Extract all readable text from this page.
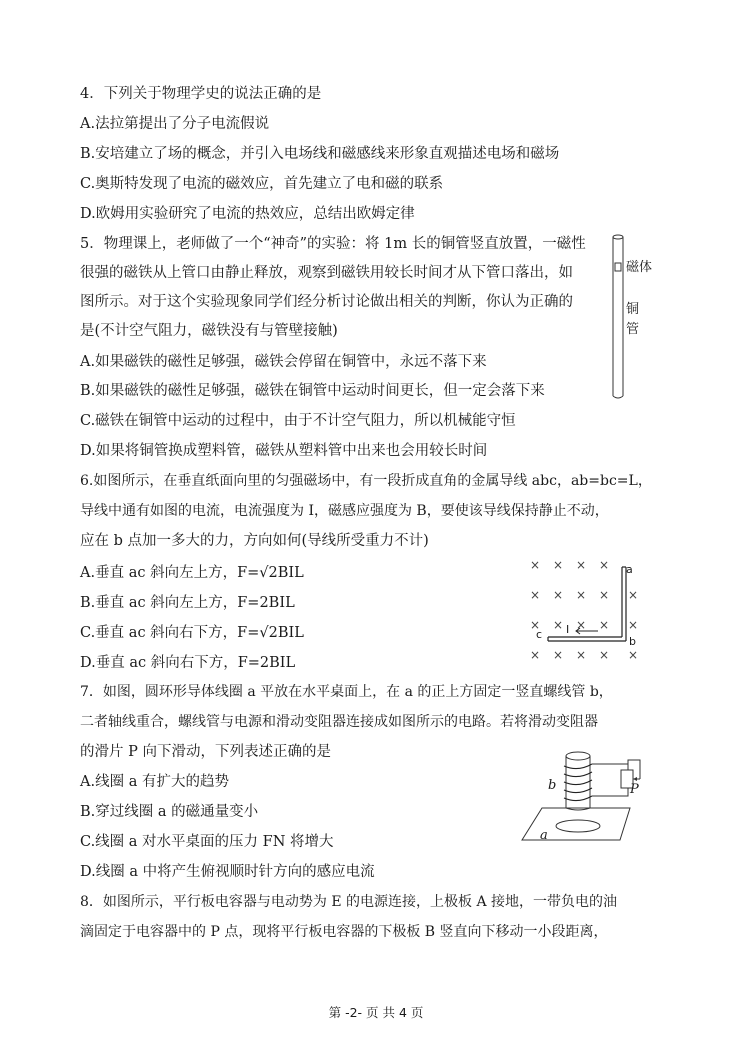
4．下列关于物理学史的说法正确的是
A.法拉第提出了分子电流假说
B.安培建立了场的概念，并引入电场线和磁感线来形象直观描述电场和磁场
C.奥斯特发现了电流的磁效应，首先建立了电和磁的联系
D.欧姆用实验研究了电流的热效应，总结出欧姆定律
5．物理课上，老师做了一个“神奇”的实验：将 1m 长的铜管竖直放置，一磁性
很强的磁铁从上管口由静止释放，观察到磁铁用较长时间才从下管口落出，如
图所示。对于这个实验现象同学们经分析讨论做出相关的判断，你认为正确的
是(不计空气阻力，磁铁没有与管壁接触)
A.如果磁铁的磁性足够强，磁铁会停留在铜管中，永远不落下来
B.如果磁铁的磁性足够强，磁铁在铜管中运动时间更长，但一定会落下来
C.磁铁在铜管中运动的过程中，由于不计空气阻力，所以机械能守恒
D.如果将铜管换成塑料管，磁铁从塑料管中出来也会用较长时间
6.如图所示，在垂直纸面向里的匀强磁场中，有一段折成直角的金属导线 abc，ab=bc=L，
导线中通有如图的电流，电流强度为 I，磁感应强度为 B，要使该导线保持静止不动，
应在 b 点加一多大的力，方向如何(导线所受重力不计)
A.垂直 ac 斜向左上方，F=√2BIL
B.垂直 ac 斜向左上方，F=2BIL
C.垂直 ac 斜向右下方，F=√2BIL
D.垂直 ac 斜向右下方，F=2BIL
7．如图，圆环形导体线圈 a 平放在水平桌面上，在 a 的正上方固定一竖直螺线管 b，
二者轴线重合，螺线管与电源和滑动变阻器连接成如图所示的电路。若将滑动变阻器
的滑片 P 向下滑动，下列表述正确的是
A.线圈 a 有扩大的趋势
B.穿过线圈 a 的磁通量变小
C.线圈 a 对水平桌面的压力 FN 将增大
D.线圈 a 中将产生俯视顺时针方向的感应电流
8．如图所示，平行板电容器与电动势为 E 的电源连接，上极板 A 接地，一带负电的油
滴固定于电容器中的 P 点，现将平行板电容器的下极板 B 竖直向下移动一小段距离，
磁体
铜
管
× × × ×
× × × × ×
× × × × ×
× × × × ×
a
b
c I
b	P
a
第 -2- 页 共 4 页
